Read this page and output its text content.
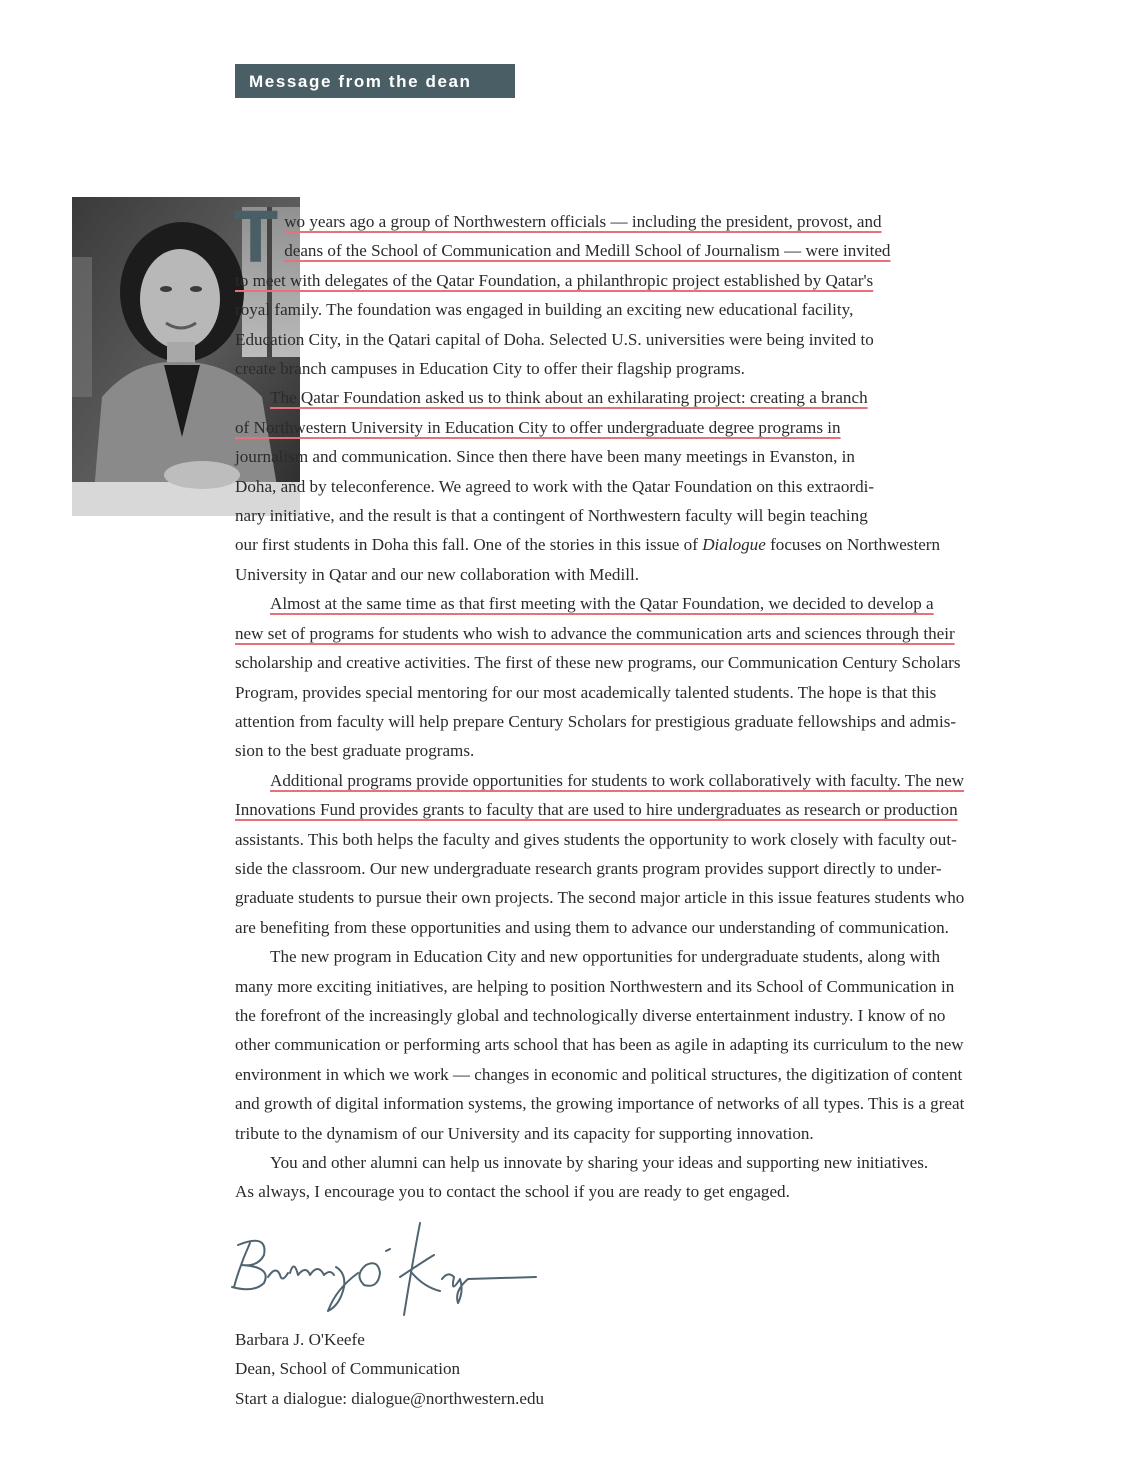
Message from the dean

T wo years ago a group of Northwestern officials — including the president, provost, and
deans of the School of Communication and Medill School of Journalism — were invited
to meet with delegates of the Qatar Foundation, a philanthropic project established by Qatar's
royal family. The foundation was engaged in building an exciting new educational facility,
Education City, in the Qatari capital of Doha. Selected U.S. universities were being invited to
create branch campuses in Education City to offer their flagship programs.

The Qatar Foundation asked us to think about an exhilarating project: creating a branch
of Northwestern University in Education City to offer undergraduate degree programs in
journalism and communication. Since then there have been many meetings in Evanston, in
Doha, and by teleconference. We agreed to work with the Qatar Foundation on this extraordi-
nary initiative, and the result is that a contingent of Northwestern faculty will begin teaching

our first students in Doha this fall. One of the stories in this issue of Dialogue focuses on Northwestern
University in Qatar and our new collaboration with Medill.

Almost at the same time as that first meeting with the Qatar Foundation, we decided to develop a
new set of programs for students who wish to advance the communication arts and sciences through their
scholarship and creative activities. The first of these new programs, our Communication Century Scholars
Program, provides special mentoring for our most academically talented students. The hope is that this
attention from faculty will help prepare Century Scholars for prestigious graduate fellowships and admis-
sion to the best graduate programs.

Additional programs provide opportunities for students to work collaboratively with faculty. The new
Innovations Fund provides grants to faculty that are used to hire undergraduates as research or production
assistants. This both helps the faculty and gives students the opportunity to work closely with faculty out-
side the classroom. Our new undergraduate research grants program provides support directly to under-
graduate students to pursue their own projects. The second major article in this issue features students who
are benefiting from these opportunities and using them to advance our understanding of communication.

The new program in Education City and new opportunities for undergraduate students, along with
many more exciting initiatives, are helping to position Northwestern and its School of Communication in
the forefront of the increasingly global and technologically diverse entertainment industry. I know of no
other communication or performing arts school that has been as agile in adapting its curriculum to the new
environment in which we work — changes in economic and political structures, the digitization of content
and growth of digital information systems, the growing importance of networks of all types. This is a great
tribute to the dynamism of our University and its capacity for supporting innovation.

You and other alumni can help us innovate by sharing your ideas and supporting new initiatives.
As always, I encourage you to contact the school if you are ready to get engaged.

Barbara J. O'Keefe
Dean, School of Communication
Start a dialogue: dialogue@northwestern.edu
